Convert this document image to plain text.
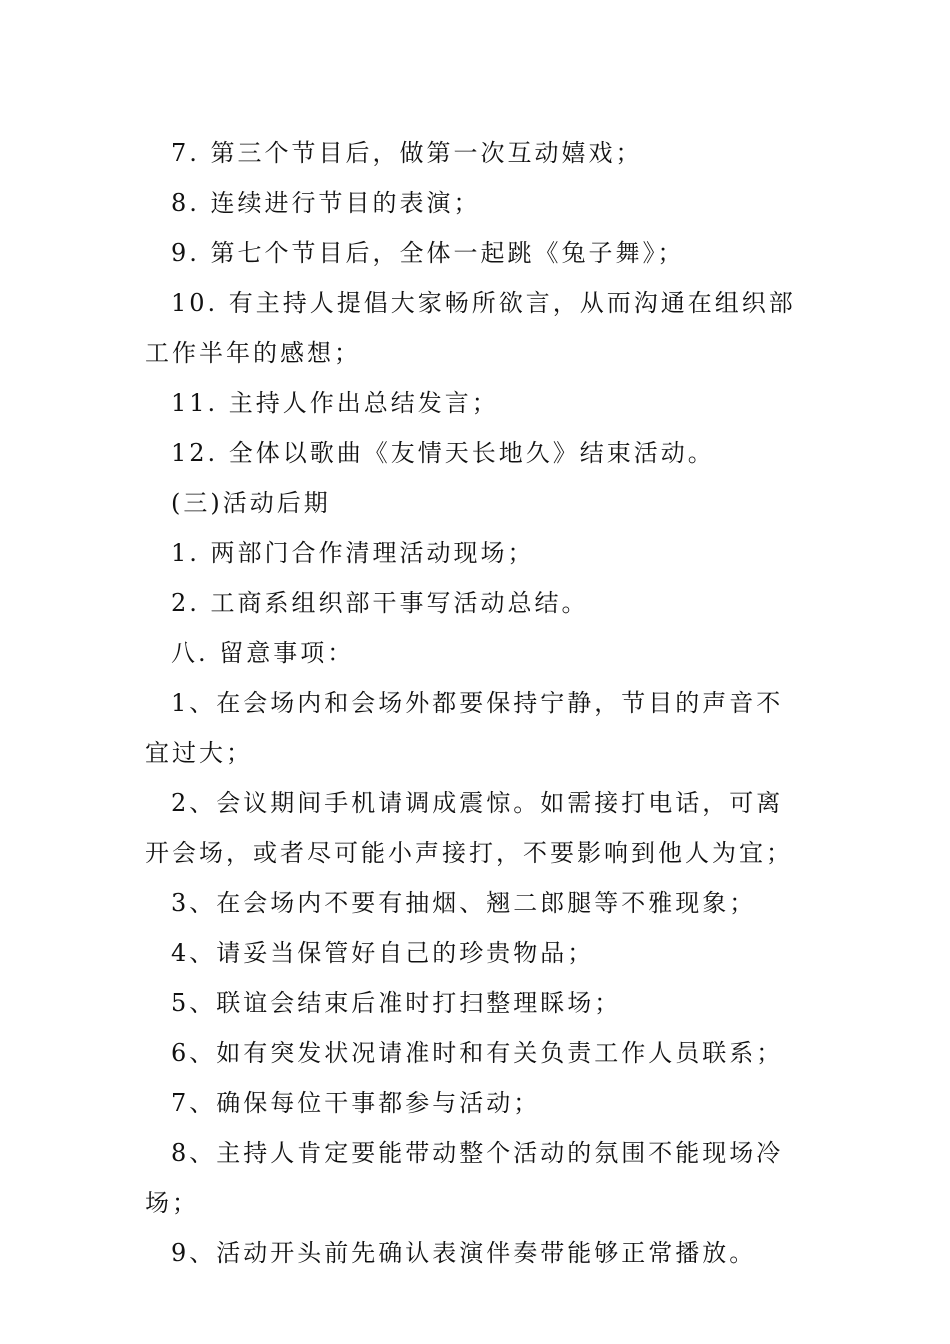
7. 第三个节目后，做第一次互动嬉戏；

8. 连续进行节目的表演；

9. 第七个节目后，全体一起跳《兔子舞》；

10. 有主持人提倡大家畅所欲言，从而沟通在组织部工作半年的感想；

11. 主持人作出总结发言；

12. 全体以歌曲《友情天长地久》结束活动。

(三)活动后期

1. 两部门合作清理活动现场；

2. 工商系组织部干事写活动总结。

八. 留意事项：

1、在会场内和会场外都要保持宁静，节目的声音不宜过大；

2、会议期间手机请调成震惊。如需接打电话，可离开会场，或者尽可能小声接打，不要影响到他人为宜；

3、在会场内不要有抽烟、翘二郎腿等不雅现象；

4、请妥当保管好自己的珍贵物品；

5、联谊会结束后准时打扫整理睬场；

6、如有突发状况请准时和有关负责工作人员联系；

7、确保每位干事都参与活动；

8、主持人肯定要能带动整个活动的氛围不能现场冷场；

9、活动开头前先确认表演伴奏带能够正常播放。
